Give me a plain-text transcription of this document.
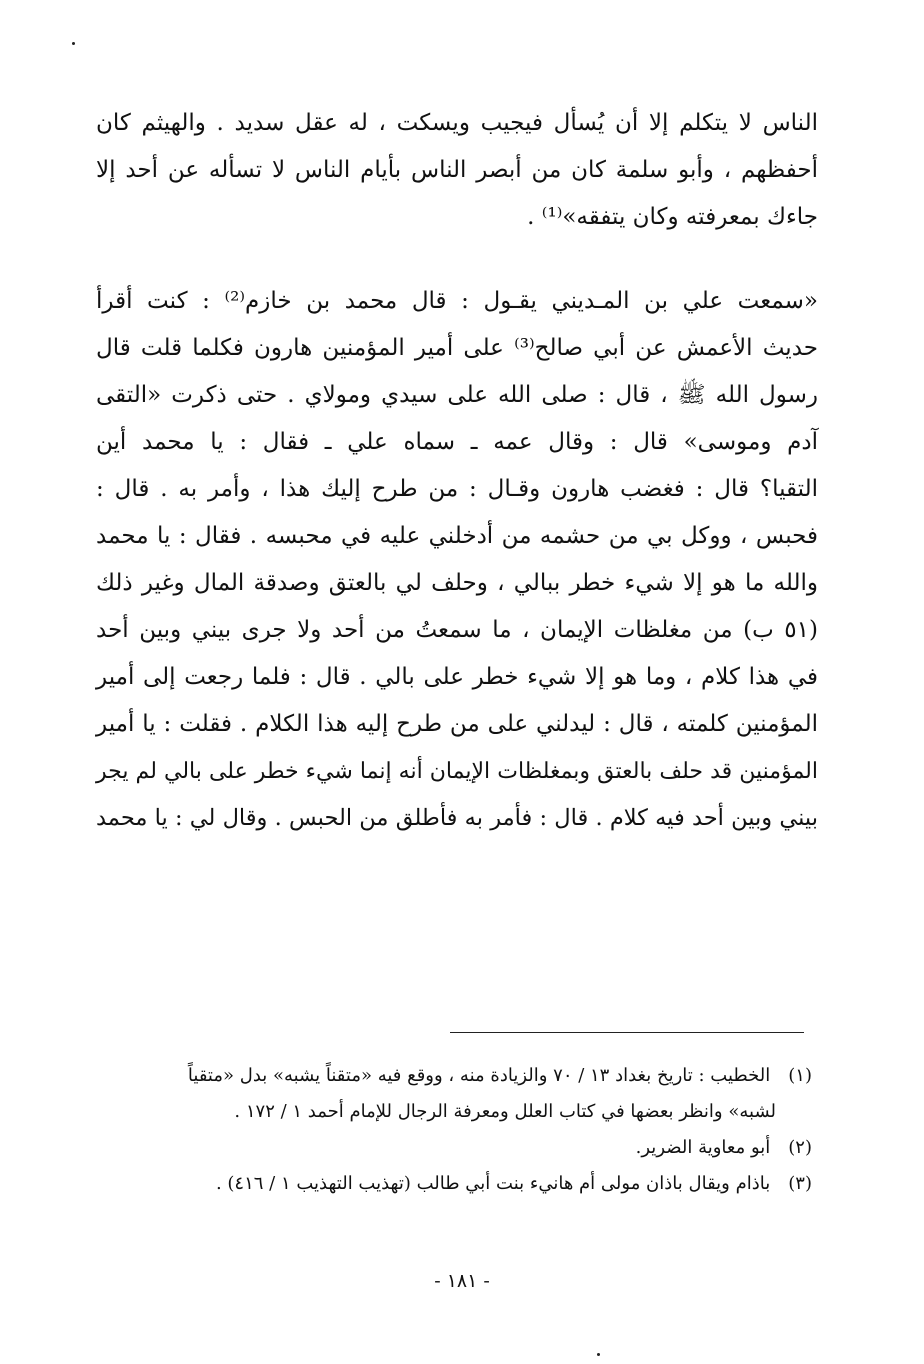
الناس لا يتكلم إلا أن يُسأل فيجيب ويسكت ، له عقل سديد . والهيثم كان
أحفظهم ، وأبو سلمة كان من أبصر الناس بأيام الناس لا تسأله عن أحد إلا
جاءك بمعرفته وكان يتفقه»⁽¹⁾ .
«سمعت علي بن المـديني يقـول : قال محمد بن خازم⁽²⁾ : كنت أقرأ
حديث الأعمش عن أبي صالح⁽³⁾ على أمير المؤمنين هارون فكلما قلت قال
رسول الله ﷺ ، قال : صلى الله على سيدي ومولاي . حتى ذكرت «التقى
آدم وموسى» قال : وقال عمه ـ سماه علي ـ فقال : يا محمد أين
التقيا؟ قال : فغضب هارون وقـال : من طرح إليك هذا ، وأمر به . قال :
فحبس ، ووكل بي من حشمه من أدخلني عليه في محبسه . فقال : يا محمد
والله ما هو إلا شيء خطر ببالي ، وحلف لي بالعتق وصدقة المال وغير ذلك
(٥١ ب) من مغلظات الإيمان ، ما سمعتُ من أحد ولا جرى بيني وبين أحد
في هذا كلام ، وما هو إلا شيء خطر على بالي . قال : فلما رجعت إلى أمير
المؤمنين كلمته ، قال : ليدلني على من طرح إليه هذا الكلام . فقلت : يا أمير
المؤمنين قد حلف بالعتق وبمغلظات الإيمان أنه إنما شيء خطر على بالي لم يجر
بيني وبين أحد فيه كلام . قال : فأمر به فأطلق من الحبس . وقال لي : يا محمد
(١) الخطيب : تاريخ بغداد ١٣ / ٧٠ والزيادة منه ، ووقع فيه «متقناً يشبه» بدل «متقياً
لشبه» وانظر بعضها في كتاب العلل ومعرفة الرجال للإمام أحمد ١ / ١٧٢ .
(٢) أبو معاوية الضرير.
(٣) باذام ويقال باذان مولى أم هانيء بنت أبي طالب (تهذيب التهذيب ١ / ٤١٦) .
- ١٨١ -
